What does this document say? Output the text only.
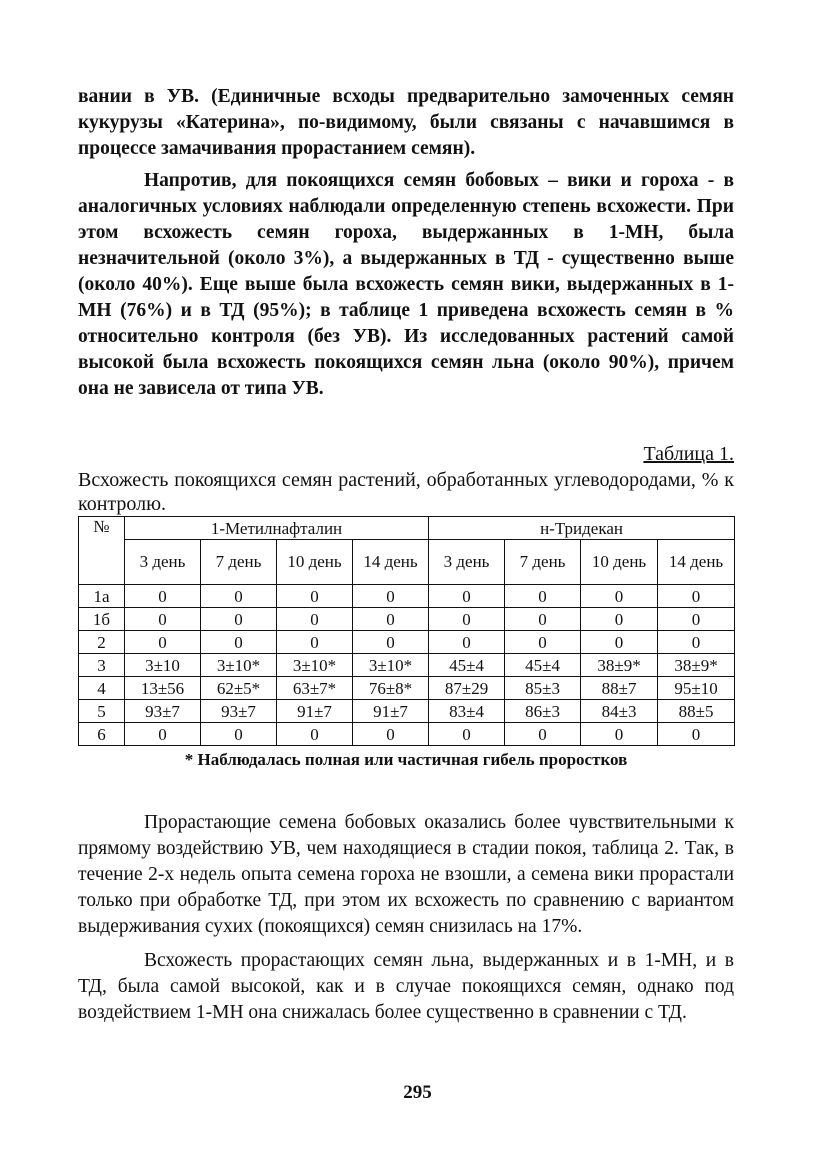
вании в УВ. (Единичные всходы предварительно замоченных семян кукурузы «Катерина», по-видимому, были связаны с начавшимся в процессе замачивания прорастанием семян).

Напротив, для покоящихся семян бобовых – вики и гороха - в аналогичных условиях наблюдали определенную степень всхожести. При этом всхожесть семян гороха, выдержанных в 1-МН, была незначительной (около 3%), а выдержанных в ТД - существенно выше (около 40%). Еще выше была всхожесть семян вики, выдержанных в 1-МН (76%) и в ТД (95%); в таблице 1 приведена всхожесть семян в % относительно контроля (без УВ). Из исследованных растений самой высокой была всхожесть покоящихся семян льна (около 90%), причем она не зависела от типа УВ.

Таблица 1.

Всхожесть покоящихся семян растений, обработанных углеводородами, % к контролю.

№	1-Метилнафталин				н-Тридекан			
	3 день	7 день	10 день	14 день	3 день	7 день	10 день	14 день
1а	0	0	0	0	0	0	0	0
1б	0	0	0	0	0	0	0	0
2	0	0	0	0	0	0	0	0
3	3±10	3±10*	3±10*	3±10*	45±4	45±4	38±9*	38±9*
4	13±56	62±5*	63±7*	76±8*	87±29	85±3	88±7	95±10
5	93±7	93±7	91±7	91±7	83±4	86±3	84±3	88±5
6	0	0	0	0	0	0	0	0

* Наблюдалась полная или частичная гибель проростков

Прорастающие семена бобовых оказались более чувствительными к прямому воздействию УВ, чем находящиеся в стадии покоя, таблица 2. Так, в течение 2-х недель опыта семена гороха не взошли, а семена вики прорастали только при обработке ТД, при этом их всхожесть по сравнению с вариантом выдерживания сухих (покоящихся) семян снизилась на 17%.

Всхожесть прорастающих семян льна, выдержанных и в 1-МН, и в ТД, была самой высокой, как и в случае покоящихся семян, однако под воздействием 1-МН она снижалась более существенно в сравнении с ТД.

295
